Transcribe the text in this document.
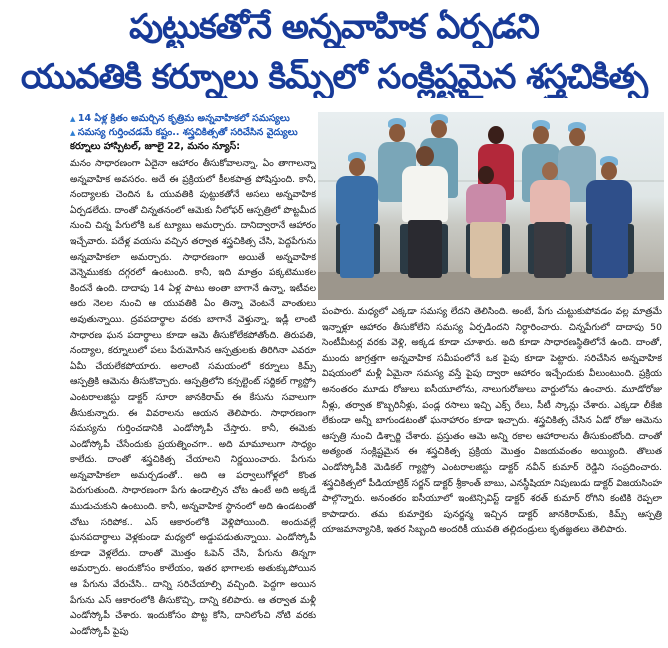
పుట్టుకతోనే అన్నవాహిక ఏర్పడని
యువతికి కర్నూలు కిమ్స్‌లో సంక్లిష్టమైన శస్త్రచికిత్స
▲ 14 ఏళ్ల క్రితం అమర్చిన కృత్రిమ అన్నవాహికలో సమస్యలు
▲ సమస్య గుర్తించడమే కష్టం.. శస్త్రచికిత్సతో సరిచేసిన వైద్యులు
కర్నూలు హాస్పిటల్, జూలై 22, మనం న్యూస్:

మనం సాధారణంగా ఏదైనా ఆహారం తీసుకోవాలన్నా, ఏం తాగాలన్నా అన్నవాహిక అవసరం. అదే ఈ ప్రక్రియలో కీలకపాత్ర పోషిస్తుంది. కానీ, నంద్యాలకు చెందిన ఓ యువతికి పుట్టుకతోనే అసలు అన్నవాహిక ఏర్పడలేదు. దాంతో చిన్నతనంలో ఆమెకు నీలోఫర్ ఆస్పత్రిలో పొట్టమీద నుంచి చిన్న పేగులోకి ఒక ట్యూబు అమర్చారు. దానిద్వారానే ఆహారం ఇచ్చేవారు. పదేళ్ల వయసు వచ్చిన తర్వాత శస్త్రచికిత్స చేసి, పెద్దపేగును అన్నవాహికలా అమర్చారు. సాధారణంగా అయితే అన్నవాహిక వెన్నెముకకు దగ్గరలో ఉంటుంది. కానీ, ఇది మాత్రం పక్కటెముకల కిందనే ఉంది. దాదాపు 14 ఏళ్ల పాటు అంతా బాగానే ఉన్నా, ఇటీవల ఆరు నెలల నుంచి ఆ యువతికి ఏం తిన్నా వెంటనే వాంతులు అవుతున్నాయి. ద్రవపదార్థాల వరకు బాగానే వెళ్తున్నా, ఇడ్లీ లాంటి సాధారణ ఘన పదార్థాలు కూడా ఆమె తీసుకోలేకపోతోంది. తిరుపతి, నంద్యాల, కర్నూలులో పలు పేరుమోసిన ఆస్పత్రులకు తిరిగినా ఎవరూ ఏమీ చేయలేకపోయారు. అలాంటి సమయంలో కర్నూలు కిమ్స్ ఆస్పత్రికి ఆమెను తీసుకొచ్చారు. ఆస్పత్రిలోని కన్సల్టెంట్ సర్జికల్ గ్యాస్ట్రో ఎంటరాలజిస్టు డాక్టర్ సూరా జానకిరామ్ ఈ కేసును సవాలుగా తీసుకున్నారు. ఈ వివరాలను ఆయన తెలిపారు. సాధారణంగా సమస్యను గుర్తించడానికి ఎండోస్కోపీ చేస్తారు. కానీ, ఈమెకు ఎండోస్కోపీ చేసేందుకు ప్రయత్నించగా.. అది మామూలుగా సాధ్యం కాలేదు. దాంతో శస్త్రచికిత్స చేయాలని నిర్ణయించారు. పేగును అన్నవాహికలా అమర్చడంతో.. అది ఆ పర్వాలుగోళ్లలో కొంత పెరుగుతుంది. సాధారణంగా పేగు ఉండాల్సిన చోట ఉంటే అది అక్కడే ముడుచుకుని ఉంటుంది. కానీ, అన్నవాహిక స్థానంలో అది ఉండటంతో చోటు సరిపోక.. ఎస్ ఆకారంలోకి వెళ్లిపోయింది. అందువల్లే ఘనపదార్థాలు వెళ్లకుండా మధ్యలో అడ్డుపడుతున్నాయి. ఎండోస్కోపీ కూడా వెళ్లలేదు. దాంతో మొత్తం ఓపెన్ చేసి, పేగును తిన్నగా అమర్చారు. అందుకోసం కాలేయం, ఇతర భాగాలకు అతుక్కుపోయిన ఆ పేగును వేరుచేసి.. దాన్ని సరిచేయాల్సి వచ్చింది. పెద్దగా అయిన పేగును ఎస్ ఆకారంలోకి తీసుకొచ్చి, దాన్ని కలిపారు. ఆ తర్వాత మళ్లీ ఎండోస్కోపీ చేశారు. ఇందుకోసం పొట్ట కోసి, దానిలోంచి నోటి వరకు ఎండోస్కోపీ పైపు

పంపారు. మధ్యలో ఎక్కడా సమస్య లేదని తెలిసింది. అంటే, పేగు చుట్టుకుపోవడం వల్ల మాత్రమే ఇన్నాళ్లూ ఆహారం తీసుకోలేని సమస్య ఏర్పడిందని నిర్ధారించారు. చిన్నపేగులో దాదాపు 50 సెంటీమీటర్ల వరకు వెళ్లి, అక్కడ కూడా చూశారు. అది కూడా సాధారణస్థితిలోనే ఉంది. దాంతో, ముందు జాగ్రత్తగా అన్నవాహిక సమీపంలోనే ఒక పైపు కూడా పెట్టారు. సరిచేసిన అన్నవాహిక విషయంలో మళ్లీ ఏమైనా సమస్య వస్తే పైపు ద్వారా ఆహారం ఇచ్చేందుకు వీలుంటుంది. ప్రక్రియ అనంతరం మూడు రోజులు ఐసీయూలోను, నాలుగురోజులు వార్డులోను ఉంచారు. మూడోరోజు నీళ్లు, తర్వాత కొబ్బరినీళ్లు, పండ్ల రసాలు ఇచ్చి ఎక్స్ రేలు, సీటీ స్కాన్లు చేశారు. ఎక్కడా లీకేజి లేకుండా అన్నీ బాగుండటంతో ఘనాహారం కూడా ఇచ్చారు. శస్త్రచికిత్స చేసిన ఏడో రోజు ఆమెను ఆస్పత్రి నుంచి డిశ్చార్జి చేశారు. ప్రస్తుతం ఆమె అన్ని రకాల ఆహారాలను తీసుకుంటోంది. దాంతో అత్యంత సంక్లిష్టమైన ఈ శస్త్రచికిత్స ప్రక్రియ మొత్తం విజయవంతం అయ్యింది. తొలుత ఎండోస్కోపీకి మెడికల్ గ్యాస్ట్రో ఎంటరాలజిస్టు డాక్టర్ నవీన్ కుమార్ రెడ్డిని సంప్రదించారు. శస్త్రచికిత్సలో పీడియాట్రిక్ సర్జన్ డాక్టర్ శ్రీకాంత్ బాబు, ఎనస్థీషియా నిపుణుడు డాక్టర్ విజయసింహ పాల్గొన్నారు. అనంతరం ఐసీయూలో ఇంటెన్సివిస్ట్ డాక్టర్ శరత్ కుమార్ రోగిని కంటికి రెప్పలా కాపాడారు. తమ కుమార్తెకు పునర్జన్మ ఇచ్చిన డాక్టర్ జానకిరామ్‌కు, కిమ్స్ ఆస్పత్రి యాజమాన్యానికి, ఇతర సిబ్బంది అందరికీ యువతి తల్లిదండ్రులు కృతజ్ఞతలు తెలిపారు.
